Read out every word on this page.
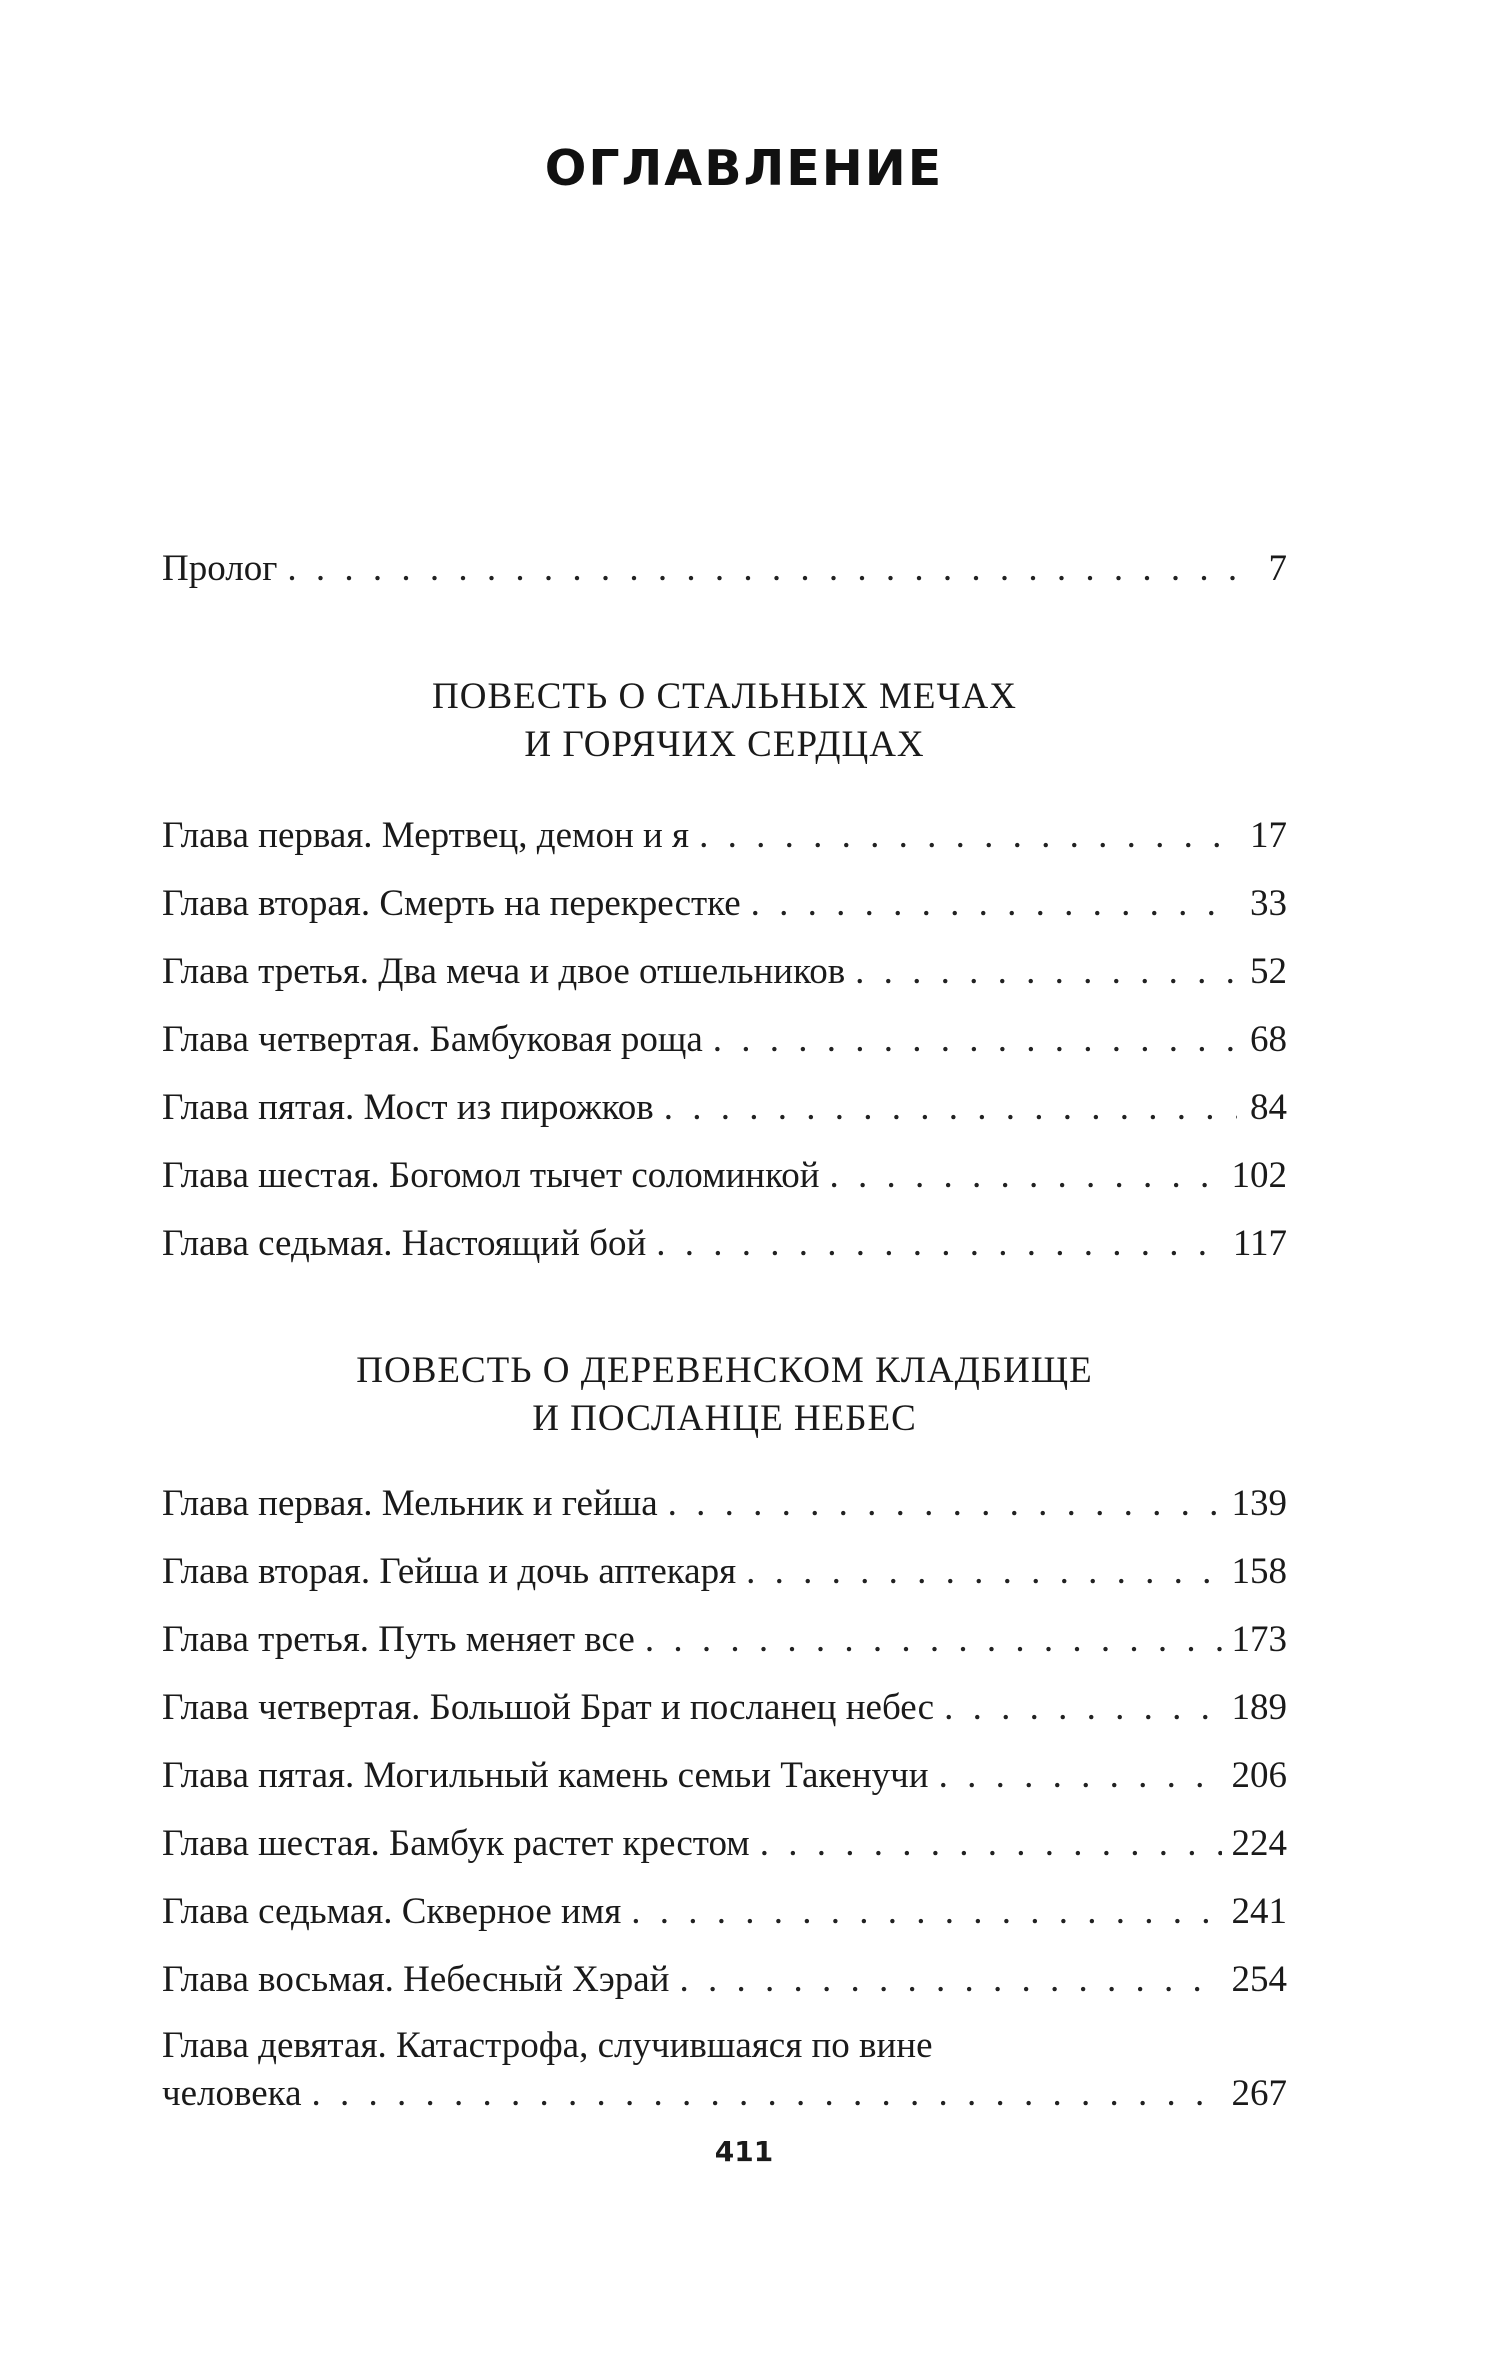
ОГЛАВЛЕНИЕ
Пролог . . .	7
ПОВЕСТЬ О СТАЛЬНЫХ МЕЧАХ
И ГОРЯЧИХ СЕРДЦАХ
Глава первая. Мертвец, демон и я . . .	17
Глава вторая. Смерть на перекрестке . . .	33
Глава третья. Два меча и двое отшельников . . .	52
Глава четвертая. Бамбуковая роща . . .	68
Глава пятая. Мост из пирожков . . .	84
Глава шестая. Богомол тычет соломинкой . . .	102
Глава седьмая. Настоящий бой . . .	117
ПОВЕСТЬ О ДЕРЕВЕНСКОМ КЛАДБИЩЕ
И ПОСЛАНЦЕ НЕБЕС
Глава первая. Мельник и гейша . . .	139
Глава вторая. Гейша и дочь аптекаря . . .	158
Глава третья. Путь меняет все . . .	173
Глава четвертая. Большой Брат и посланец небес . . .	189
Глава пятая. Могильный камень семьи Такенучи . . .	206
Глава шестая. Бамбук растет крестом . . .	224
Глава седьмая. Скверное имя . . .	241
Глава восьмая. Небесный Хэрай . . .	254
Глава девятая. Катастрофа, случившаяся по вине
человека . . .	267
411
